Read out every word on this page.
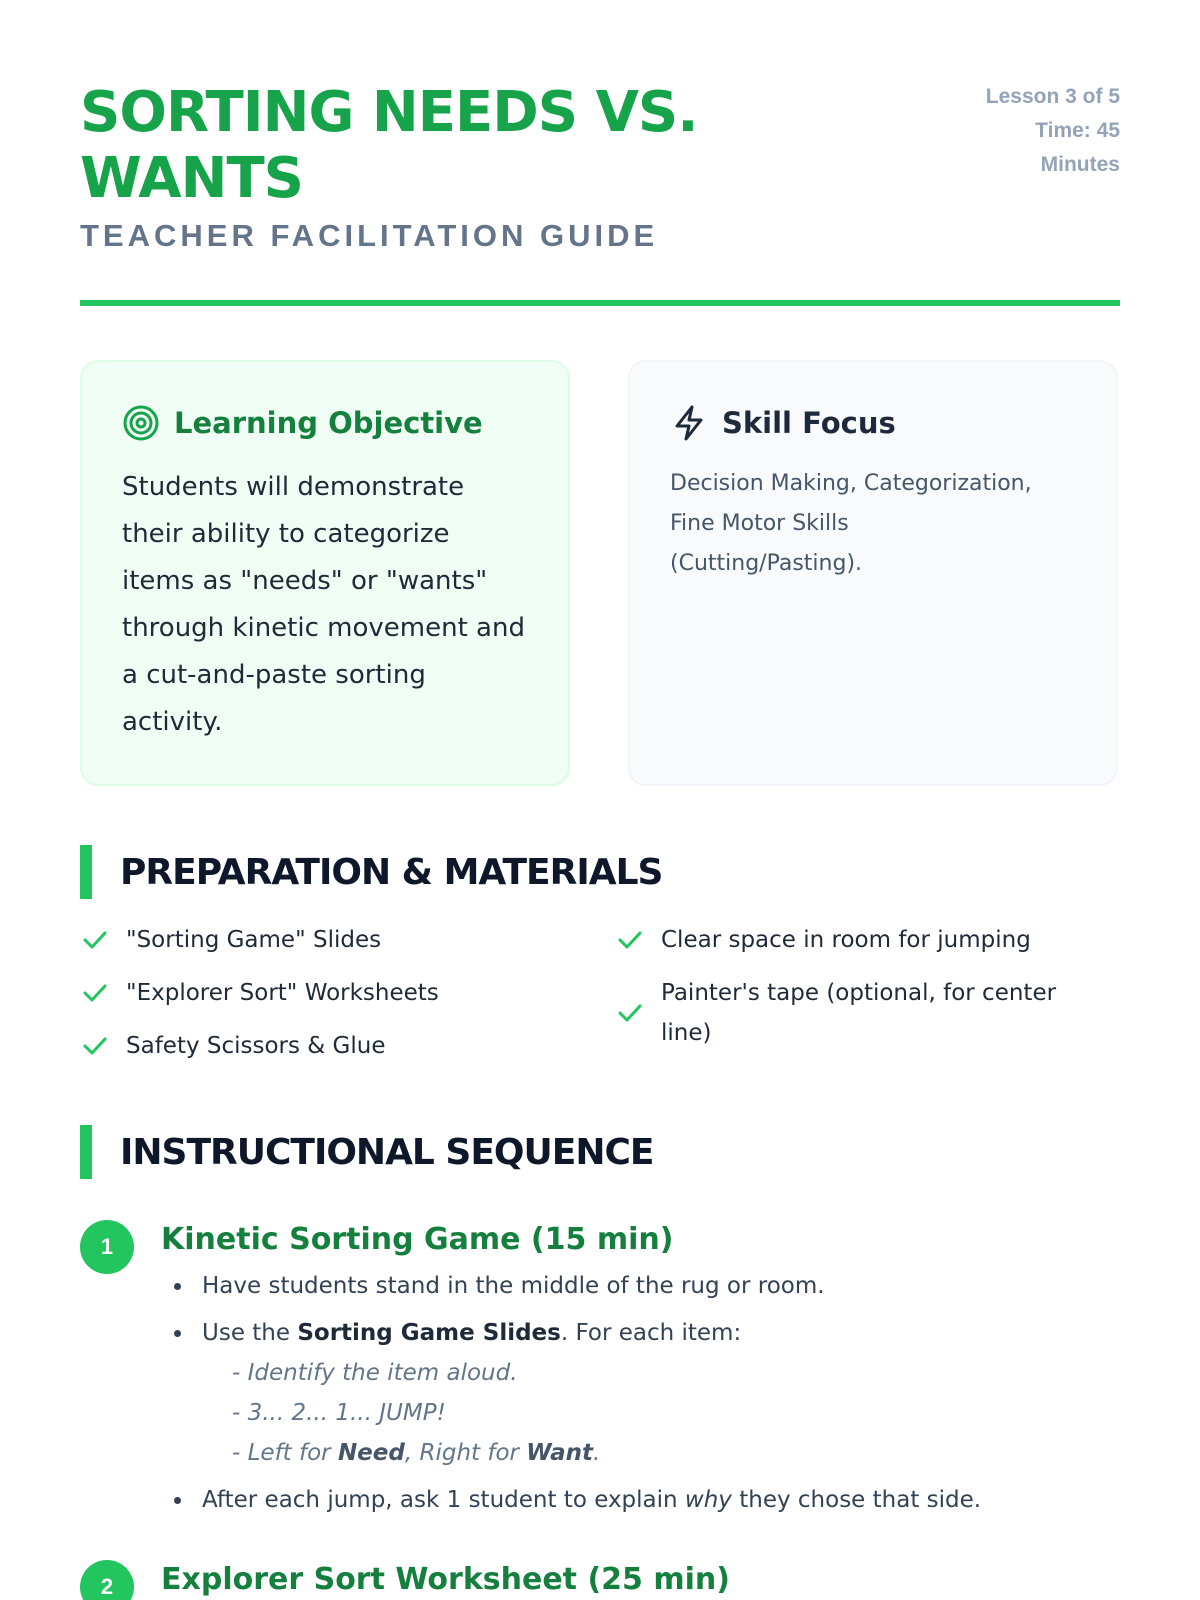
SORTING NEEDS VS. WANTS
TEACHER FACILITATION GUIDE
Lesson 3 of 5
Time: 45
Minutes
Learning Objective
Students will demonstrate
their ability to categorize
items as "needs" or "wants"
through kinetic movement and
a cut-and-paste sorting
activity.
Skill Focus
Decision Making, Categorization,
Fine Motor Skills
(Cutting/Pasting).
PREPARATION & MATERIALS
"Sorting Game" Slides
"Explorer Sort" Worksheets
Safety Scissors & Glue
Clear space in room for jumping
Painter's tape (optional, for center line)
INSTRUCTIONAL SEQUENCE
1	Kinetic Sorting Game (15 min)
Have students stand in the middle of the rug or room.
Use the Sorting Game Slides. For each item:
- Identify the item aloud.
- 3... 2... 1... JUMP!
- Left for Need, Right for Want.
After each jump, ask 1 student to explain why they chose that side.
2	Explorer Sort Worksheet (25 min)
